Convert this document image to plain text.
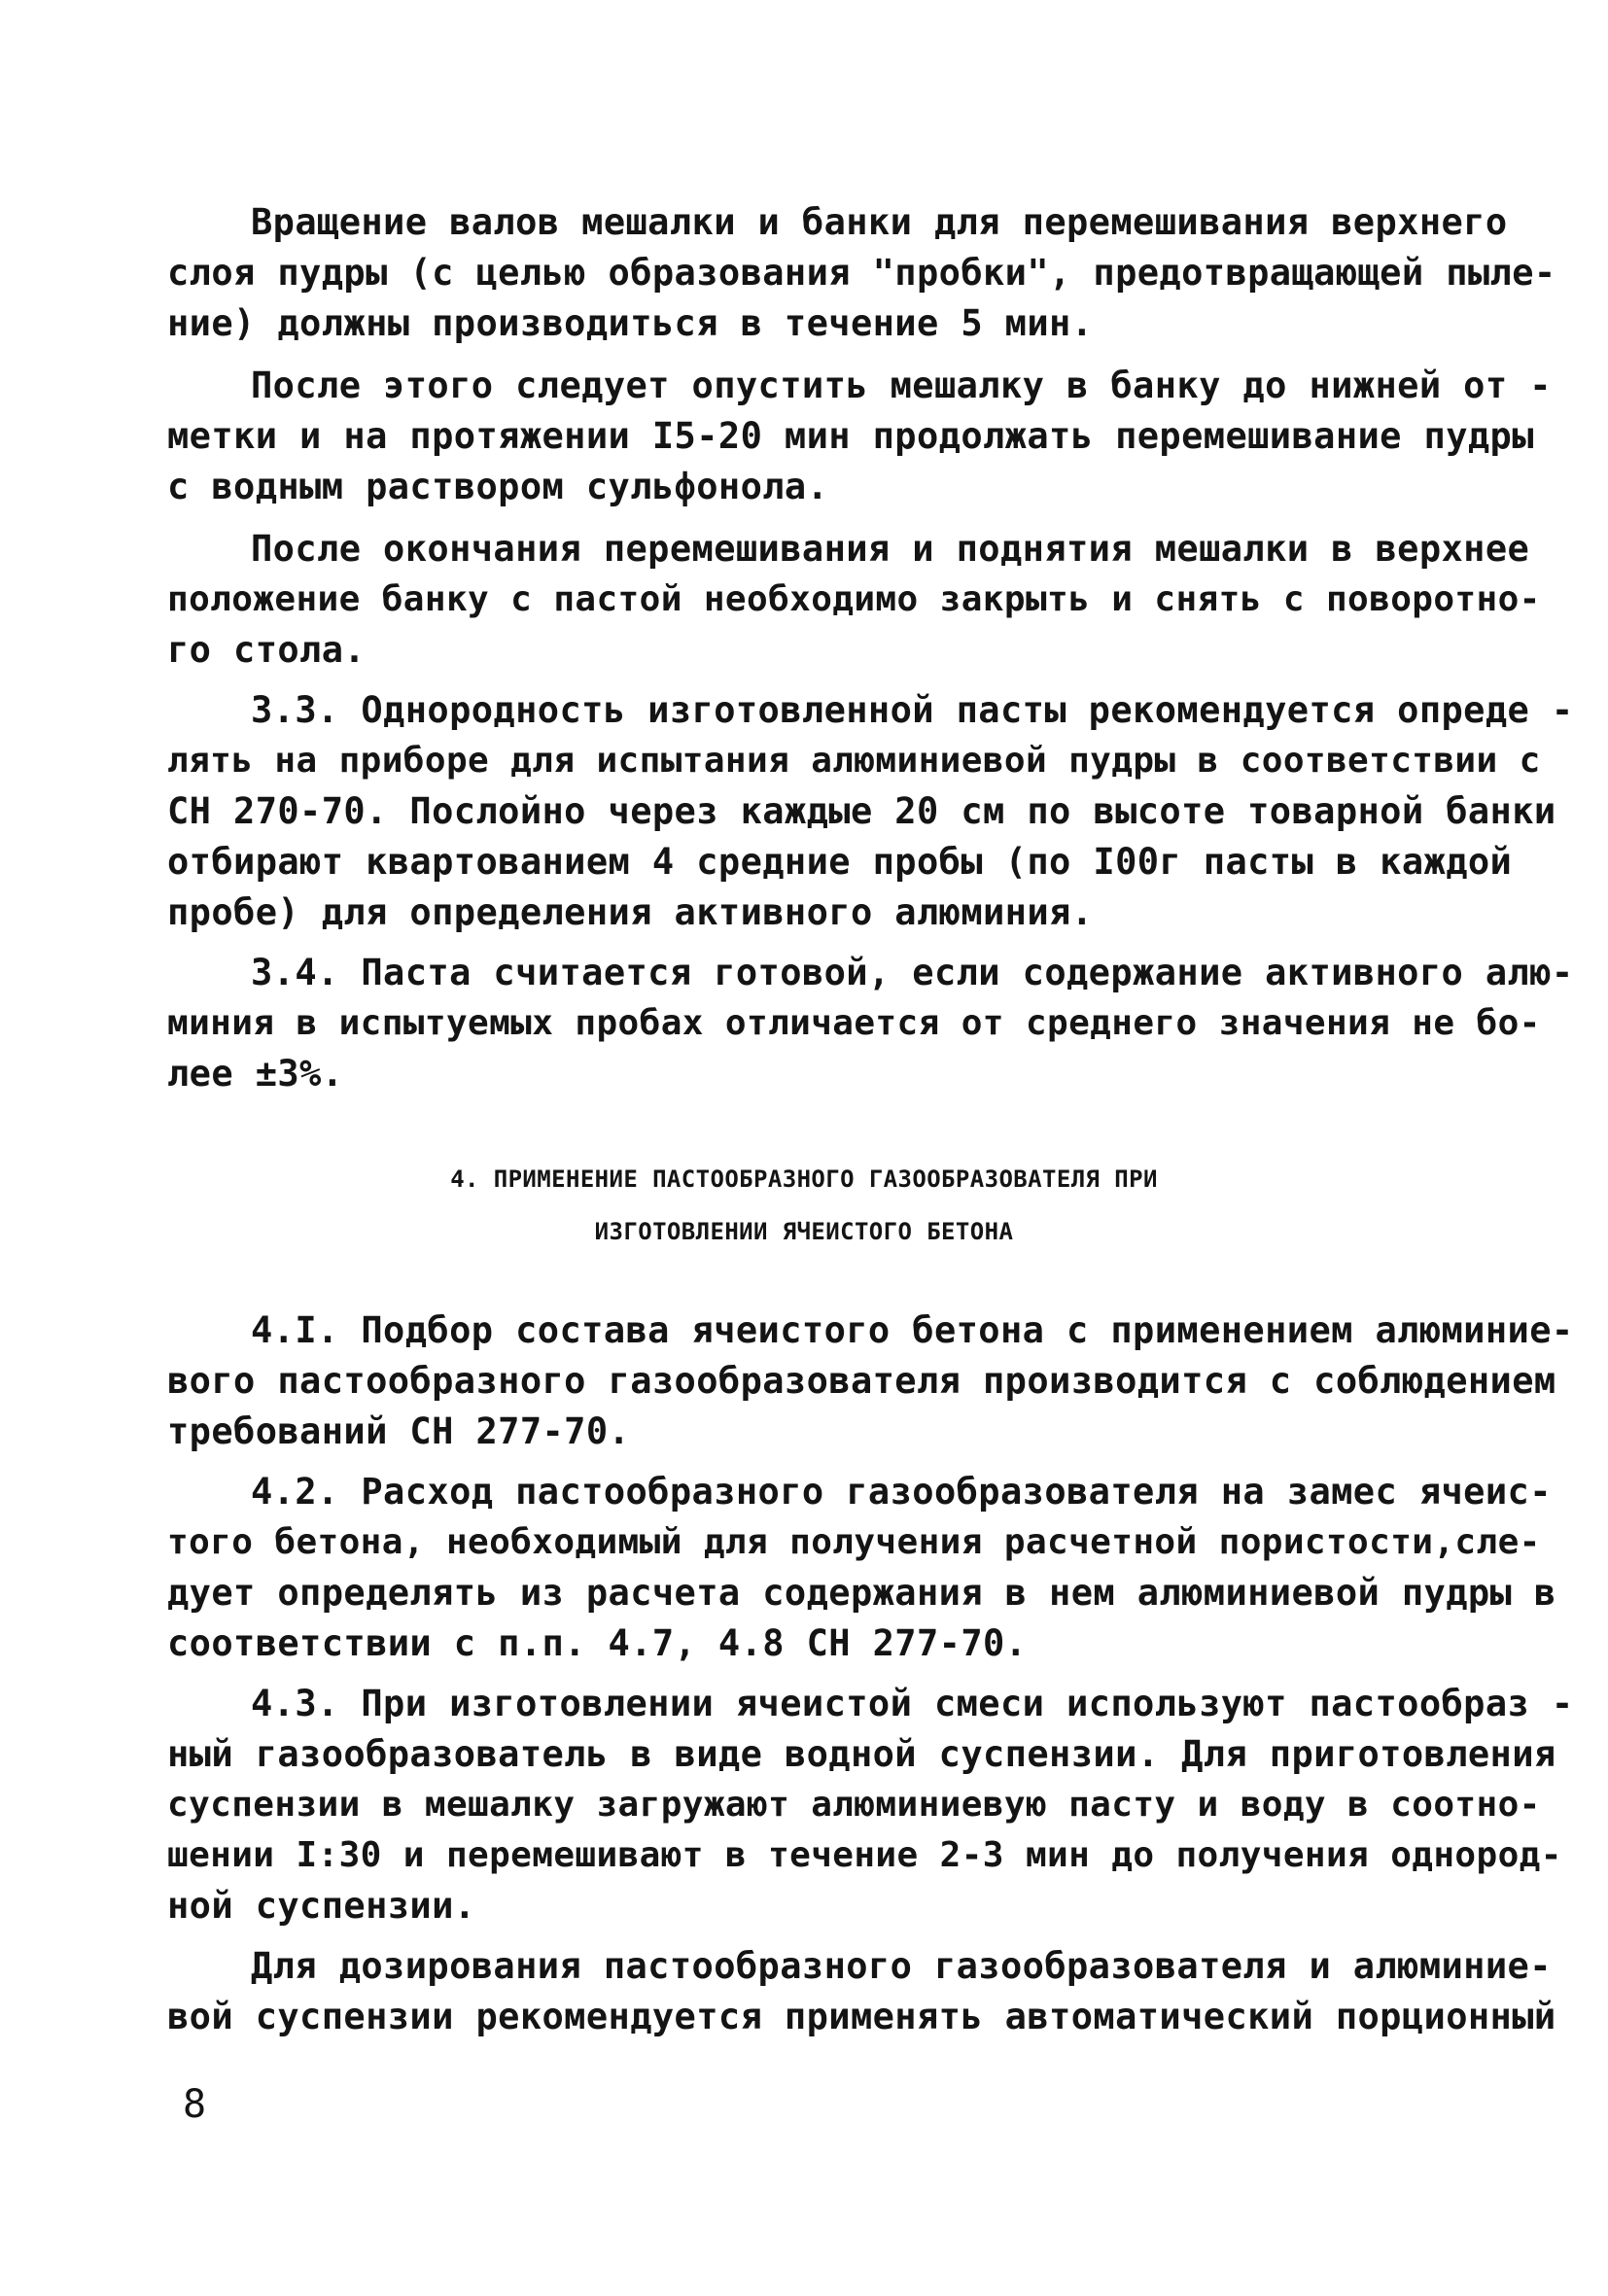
Вращение валов мешалки и банки для перемешивания верхнего
слоя пудры (с целью образования "пробки", предотвращающей пыле-
ние) должны производиться в течение 5 мин.
После этого следует опустить мешалку в банку до нижней от -
метки и на протяжении I5-20 мин продолжать перемешивание пудры
с водным раствором сульфонола.
После окончания перемешивания и поднятия мешалки в верхнее
положение банку с пастой необходимо закрыть и снять с поворотно-
го стола.
3.3. Однородность изготовленной пасты рекомендуется опреде -
лять на приборе для испытания алюминиевой пудры в соответствии с
СН 270-70. Послойно через каждые 20 см по высоте товарной банки
отбирают квартованием 4 средние пробы (по I00г пасты в каждой
пробе) для определения активного алюминия.
3.4. Паста считается готовой, если содержание активного алю-
миния в испытуемых пробах отличается от среднего значения не бо-
лее ±3%.
4. ПРИМЕНЕНИЕ ПАСТООБРАЗНОГО ГАЗООБРАЗОВАТЕЛЯ ПРИ
ИЗГОТОВЛЕНИИ ЯЧЕИСТОГО БЕТОНА
4.I. Подбор состава ячеистого бетона с применением алюминие-
вого пастообразного газообразователя производится с соблюдением
требований СН 277-70.
4.2. Расход пастообразного газообразователя на замес ячеис-
того бетона, необходимый для получения расчетной пористости,сле-
дует определять из расчета содержания в нем алюминиевой пудры в
соответствии с п.п. 4.7, 4.8 СН 277-70.
4.3. При изготовлении ячеистой смеси используют пастообраз -
ный газообразователь в виде водной суспензии. Для приготовления
суспензии в мешалку загружают алюминиевую пасту и воду в соотно-
шении I:30 и перемешивают в течение 2-3 мин до получения однород-
ной суспензии.
Для дозирования пастообразного газообразователя и алюминие-
вой суспензии рекомендуется применять автоматический порционный
8
